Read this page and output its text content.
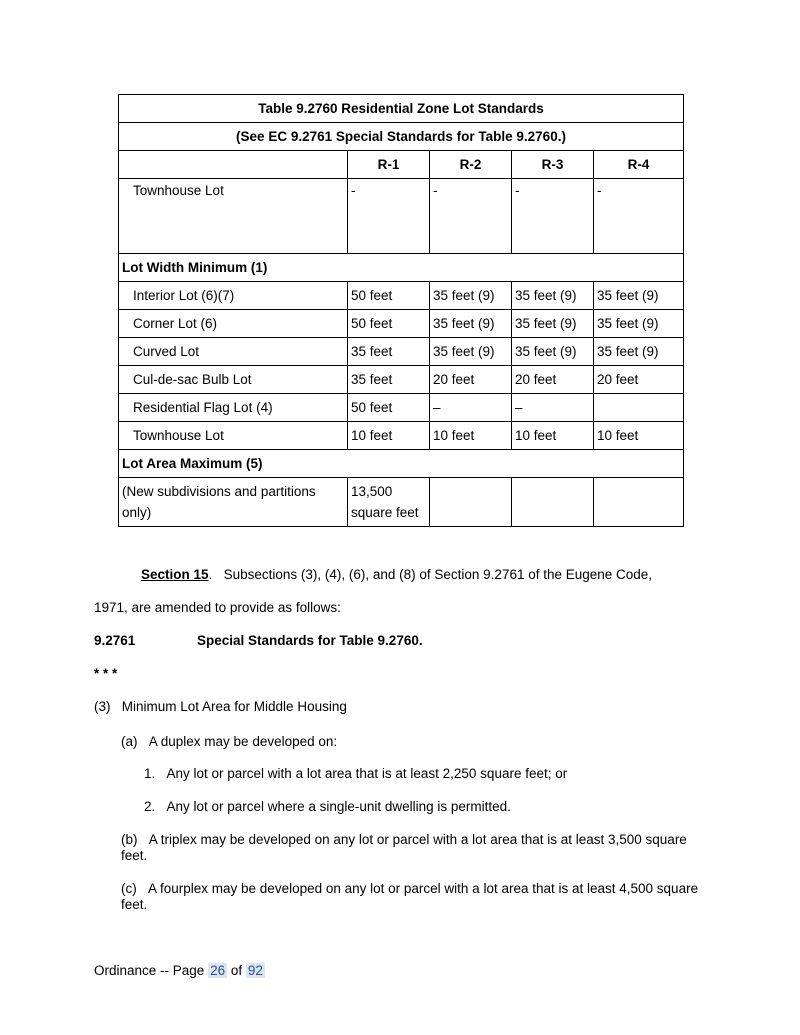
Table 9.2760 Residential Zone Lot Standards				
(See EC 9.2761 Special Standards for Table 9.2760.)				
	R-1	R-2	R-3	R-4
Townhouse Lot	-	-	-	-
Lot Width Minimum (1)				
Interior Lot (6)(7)	50 feet	35 feet (9)	35 feet (9)	35 feet (9)
Corner Lot (6)	50 feet	35 feet (9)	35 feet (9)	35 feet (9)
Curved Lot	35 feet	35 feet (9)	35 feet (9)	35 feet (9)
Cul-de-sac Bulb Lot	35 feet	20 feet	20 feet	20 feet
Residential Flag Lot (4)	50 feet	–	–	
Townhouse Lot	10 feet	10 feet	10 feet	10 feet
Lot Area Maximum (5)				
(New subdivisions and partitions
only)	13,500
square feet			
Section 15. Subsections (3), (4), (6), and (8) of Section 9.2761 of the Eugene Code,
1971, are amended to provide as follows:
9.2761	Special Standards for Table 9.2760.
* * *
(3)   Minimum Lot Area for Middle Housing
(a)   A duplex may be developed on:
1.   Any lot or parcel with a lot area that is at least 2,250 square feet; or
2.   Any lot or parcel where a single-unit dwelling is permitted.
(b)   A triplex may be developed on any lot or parcel with a lot area that is at least 3,500 square feet.
(c)   A fourplex may be developed on any lot or parcel with a lot area that is at least 4,500 square feet.
Ordinance -- Page 26 of 92
